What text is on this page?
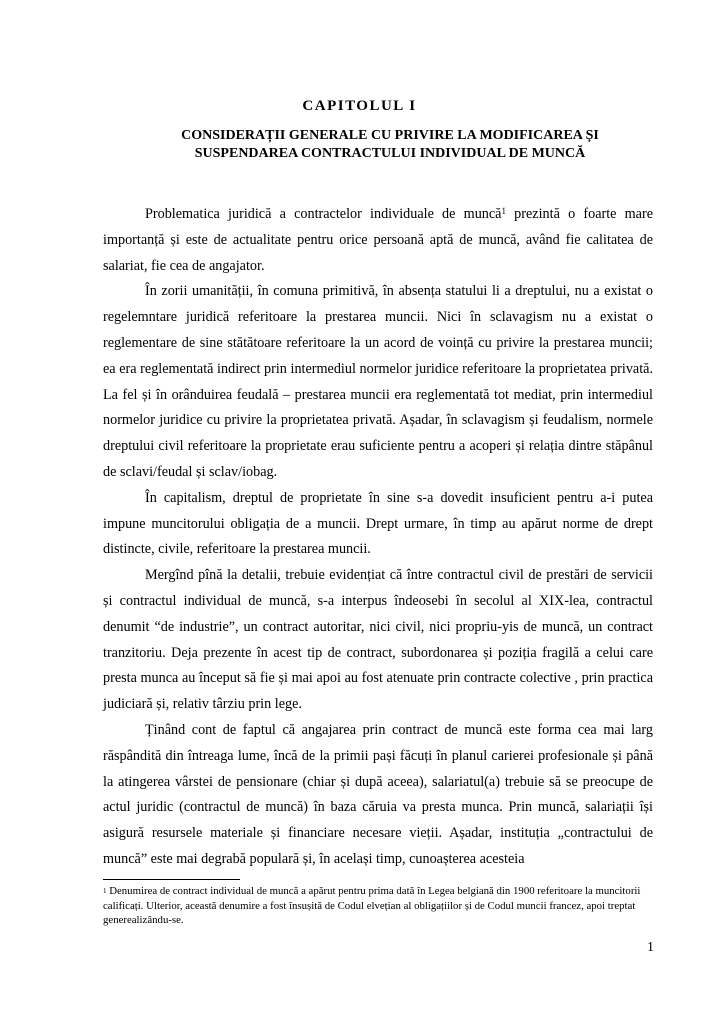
CAPITOLUL I
CONSIDERAȚII GENERALE CU PRIVIRE LA MODIFICAREA ȘI SUSPENDAREA CONTRACTULUI INDIVIDUAL DE MUNCĂ

Problematica juridică a contractelor individuale de muncă$^1$ prezintă o foarte mare importanță și este de actualitate pentru orice persoană aptă de muncă, având fie calitatea de salariat, fie cea de angajator.

În zorii umanității, în comuna primitivă, în absența statului li a dreptului, nu a existat o regelemntare juridică referitoare la prestarea muncii. Nici în sclavagism nu a existat o reglementare de sine stătătoare referitoare la un acord de voință cu privire la prestarea muncii; ea era reglementată indirect prin intermediul normelor juridice referitoare la proprietatea privată. La fel și în orânduirea feudală – prestarea muncii era reglementată tot mediat, prin intermediul normelor juridice cu privire la proprietatea privată. Așadar, în sclavagism și feudalism, normele dreptului civil referitoare la proprietate erau suficiente pentru a acoperi și relația dintre stăpânul de sclavi/feudal și sclav/iobag.

În capitalism, dreptul de proprietate în sine s-a dovedit insuficient pentru a-i putea impune muncitorului obligația de a muncii. Drept urmare, în timp au apărut norme de drept distincte, civile, referitoare la prestarea muncii.

Mergînd pînă la detalii, trebuie evidențiat că între contractul civil de prestări de servicii și contractul individual de muncă, s-a interpus îndeosebi în secolul al XIX-lea, contractul denumit “de industrie”, un contract autoritar, nici civil, nici propriu-yis de muncă, un contract tranzitoriu. Deja prezente în acest tip de contract, subordonarea și poziția fragilă a celui care presta munca au început să fie și mai apoi au fost atenuate prin contracte colective , prin practica judiciară și, relativ târziu prin lege.

Ținând cont de faptul că angajarea prin contract de muncă este forma cea mai larg răspândită din întreaga lume, încă de la primii pași făcuți în planul carierei profesionale și până la atingerea vârstei de pensionare (chiar și după aceea), salariatul(a) trebuie să se preocupe de actul juridic (contractul de muncă) în baza căruia va presta munca. Prin muncă, salariații își asigură resursele materiale și financiare necesare vieții. Așadar, instituția „contractului de muncă” este mai degrabă populară și, în același timp, cunoașterea acesteia

$^1$ Denumirea de contract individual de muncă a apărut pentru prima dată în Legea belgiană din 1900 referitoare la muncitorii calificați. Ulterior, această denumire a fost însușită de Codul elvețian al obligațiilor și de Codul muncii francez, apoi treptat generealizându-se.
1
